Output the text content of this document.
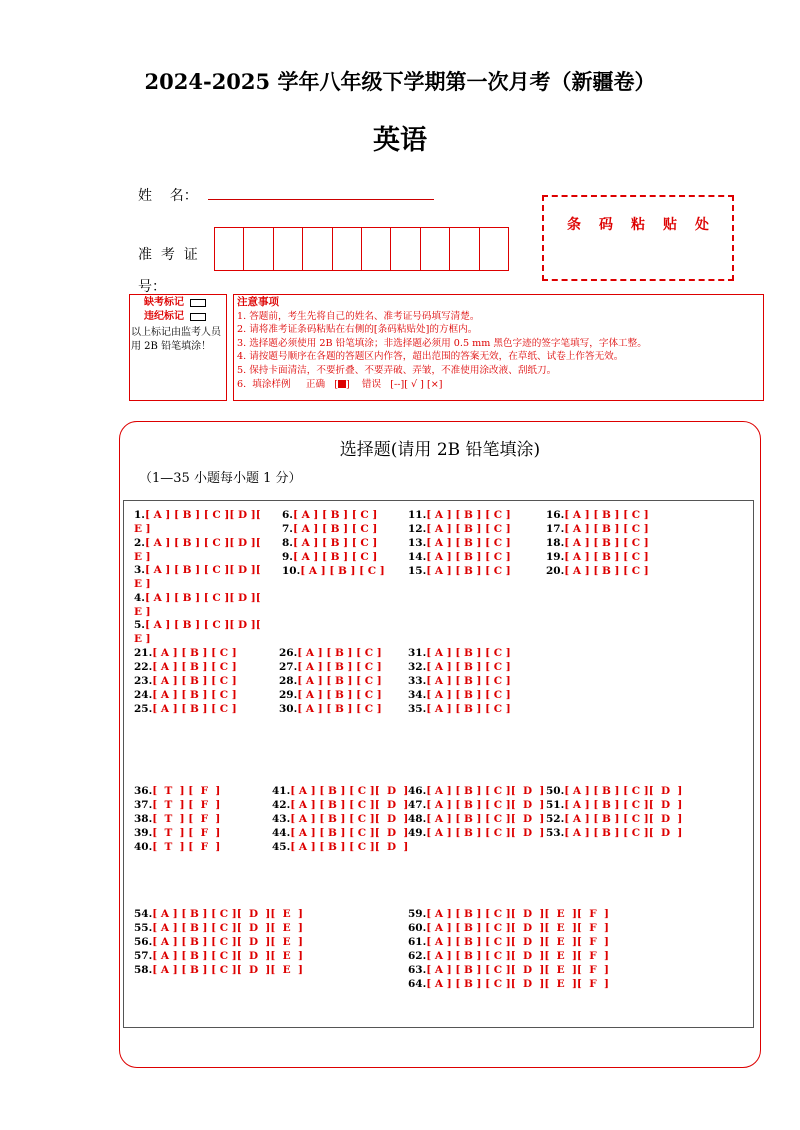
2024-2025 学年八年级下学期第一次月考（新疆卷）
英语
姓    名：
准  考  证
号：
条码粘贴处
缺考标记
违纪标记
以上标记由监考人员用 2B 铅笔填涂！
注意事项
1. 答题前，考生先将自己的姓名、准考证号码填写清楚。
2. 请将准考证条码粘贴在右侧的[条码粘贴处]的方框内。
3. 选择题必须使用 2B 铅笔填涂；非选择题必须用 0.5 mm 黑色字迹的签字笔填写，字体工整。
4. 请按题号顺序在各题的答题区内作答，超出范围的答案无效，在草纸、试卷上作答无效。
5. 保持卡面清洁，不要折叠、不要弄破、弄皱，不准使用涂改液、刮纸刀。
6.  填涂样例     正确   [ ]    错误   [--][ √ ] [×]
选择题(请用 2B 铅笔填涂)
（1—35 小题每小题 1 分）
1.[ A ] [ B ] [ C ][ D ][ E ]
2.[ A ] [ B ] [ C ][ D ][ E ]
3.[ A ] [ B ] [ C ][ D ][ E ]
4.[ A ] [ B ] [ C ][ D ][ E ]
5.[ A ] [ B ] [ C ][ D ][ E ]
6.[ A ] [ B ] [ C ]
7.[ A ] [ B ] [ C ]
8.[ A ] [ B ] [ C ]
9.[ A ] [ B ] [ C ]
10.[ A ] [ B ] [ C ]
11.[ A ] [ B ] [ C ]
12.[ A ] [ B ] [ C ]
13.[ A ] [ B ] [ C ]
14.[ A ] [ B ] [ C ]
15.[ A ] [ B ] [ C ]
16.[ A ] [ B ] [ C ]
17.[ A ] [ B ] [ C ]
18.[ A ] [ B ] [ C ]
19.[ A ] [ B ] [ C ]
20.[ A ] [ B ] [ C ]
21.[ A ] [ B ] [ C ]
22.[ A ] [ B ] [ C ]
23.[ A ] [ B ] [ C ]
24.[ A ] [ B ] [ C ]
25.[ A ] [ B ] [ C ]
26.[ A ] [ B ] [ C ]
27.[ A ] [ B ] [ C ]
28.[ A ] [ B ] [ C ]
29.[ A ] [ B ] [ C ]
30.[ A ] [ B ] [ C ]
31.[ A ] [ B ] [ C ]
32.[ A ] [ B ] [ C ]
33.[ A ] [ B ] [ C ]
34.[ A ] [ B ] [ C ]
35.[ A ] [ B ] [ C ]
36.[  T  ] [  F  ]
37.[  T  ] [  F  ]
38.[  T  ] [  F  ]
39.[  T  ] [  F  ]
40.[  T  ] [  F  ]
41.[ A ] [ B ] [ C ][  D  ]
42.[ A ] [ B ] [ C ][  D  ]
43.[ A ] [ B ] [ C ][  D  ]
44.[ A ] [ B ] [ C ][  D  ]
45.[ A ] [ B ] [ C ][  D  ]
46.[ A ] [ B ] [ C ][  D  ]
47.[ A ] [ B ] [ C ][  D  ]
48.[ A ] [ B ] [ C ][  D  ]
49.[ A ] [ B ] [ C ][  D  ]
50.[ A ] [ B ] [ C ][  D  ]
51.[ A ] [ B ] [ C ][  D  ]
52.[ A ] [ B ] [ C ][  D  ]
53.[ A ] [ B ] [ C ][  D  ]
54.[ A ] [ B ] [ C ][  D  ][  E  ]
55.[ A ] [ B ] [ C ][  D  ][  E  ]
56.[ A ] [ B ] [ C ][  D  ][  E  ]
57.[ A ] [ B ] [ C ][  D  ][  E  ]
58.[ A ] [ B ] [ C ][  D  ][  E  ]
59.[ A ] [ B ] [ C ][  D  ][  E  ][  F  ]
60.[ A ] [ B ] [ C ][  D  ][  E  ][  F  ]
61.[ A ] [ B ] [ C ][  D  ][  E  ][  F  ]
62.[ A ] [ B ] [ C ][  D  ][  E  ][  F  ]
63.[ A ] [ B ] [ C ][  D  ][  E  ][  F  ]
64.[ A ] [ B ] [ C ][  D  ][  E  ][  F  ]
